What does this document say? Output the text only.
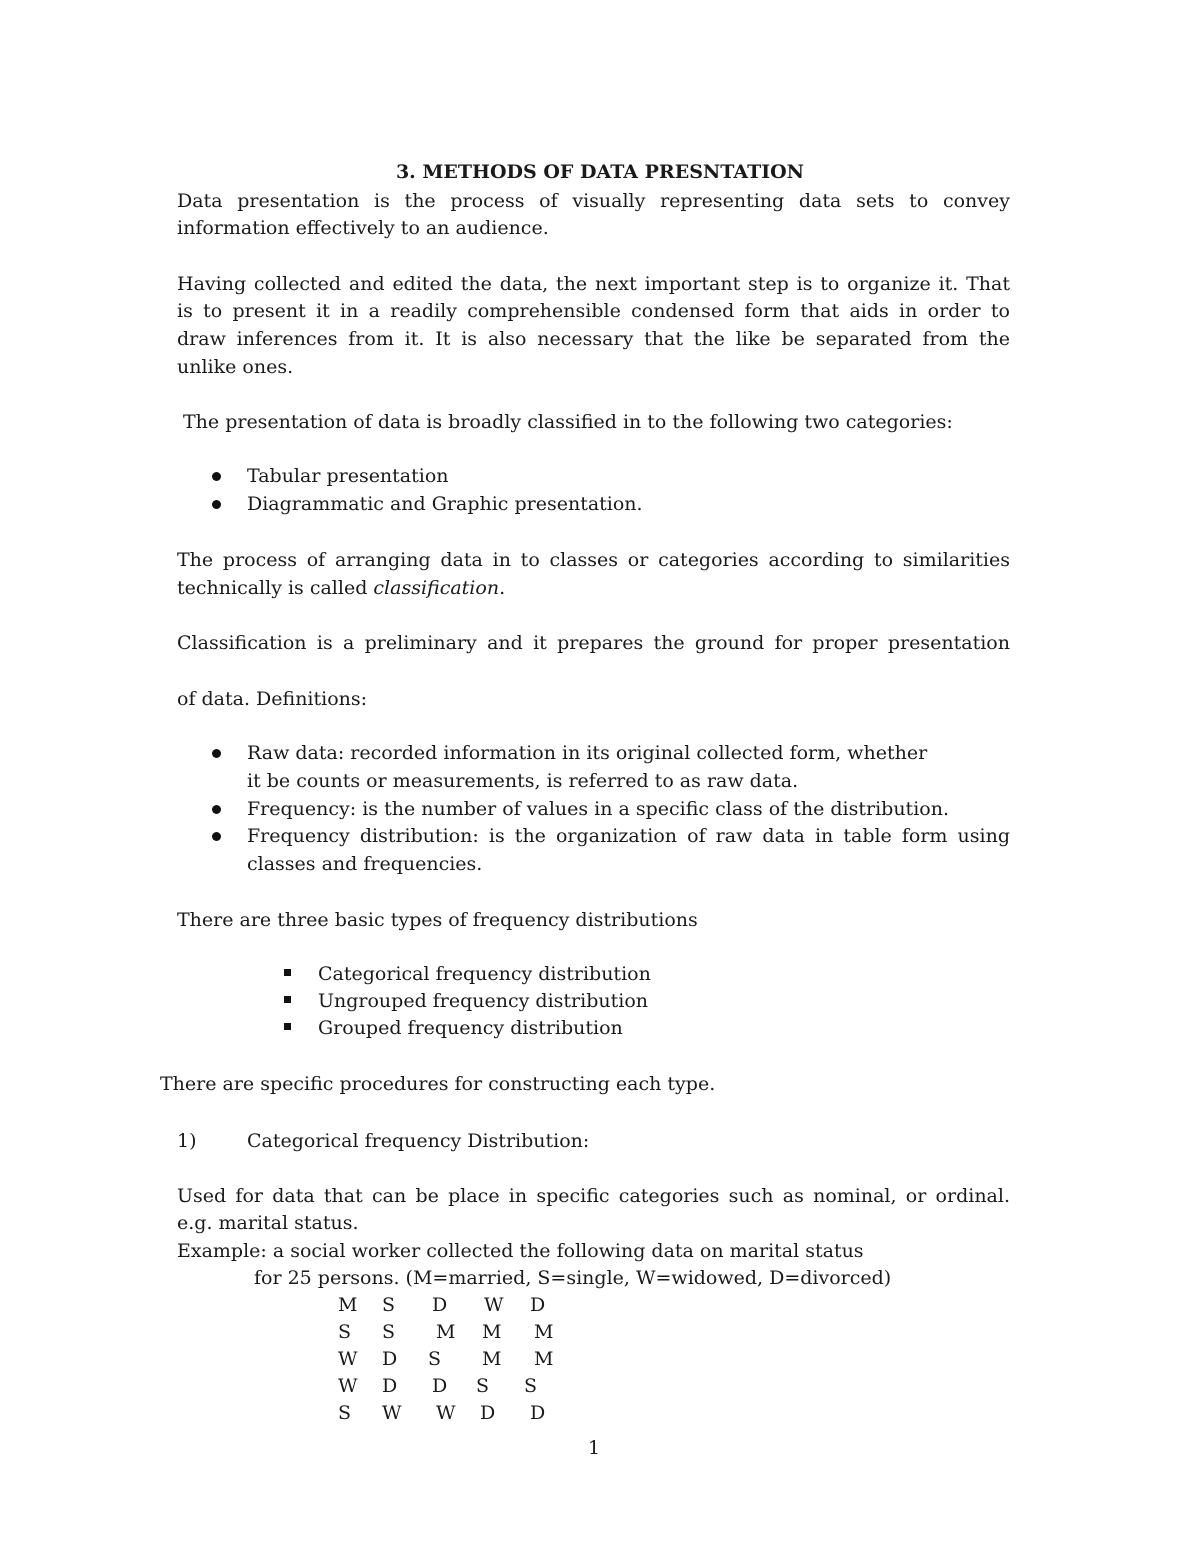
3. METHODS OF DATA PRESNTATION

Data presentation is the process of visually representing data sets to convey

information effectively to an audience.

Having collected and edited the data, the next important step is to organize it. That

is to present it in a readily comprehensible condensed form that aids in order to

draw inferences from it. It is also necessary that the like be separated from the

unlike ones.

The presentation of data is broadly classified in to the following two categories:

Tabular presentation

Diagrammatic and Graphic presentation.

The process of arranging data in to classes or categories according to similarities

technically is called classification.

Classification is a preliminary and it prepares the ground for proper presentation

of data. Definitions:

Raw data: recorded information in its original collected form, whether

it be counts or measurements, is referred to as raw data.

Frequency: is the number of values in a specific class of the distribution.

Frequency distribution: is the organization of raw data in table form using

classes and frequencies.

There are three basic types of frequency distributions

Categorical frequency distribution

Ungrouped frequency distribution

Grouped frequency distribution

There are specific procedures for constructing each type.

1)	Categorical frequency Distribution:

Used for data that can be place in specific categories such as nominal, or ordinal.

e.g. marital status.

Example: a social worker collected the following data on marital status

for 25 persons. (M=married, S=single, W=widowed, D=divorced)

M S D W D
S S M M M
W D S M M
W D D S S
S W W D D

1
